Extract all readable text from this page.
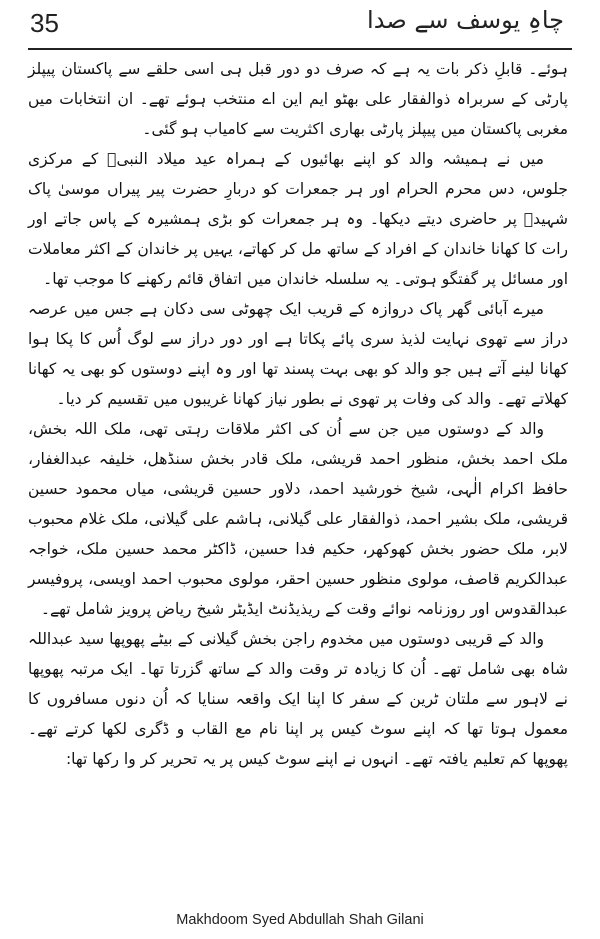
35	چاہِ یوسف سے صدا

ہوئے۔ قابلِ ذکر بات یہ ہے کہ صرف دو دور قبل ہی اسی حلقے سے پاکستان پیپلز پارٹی کے سربراہ ذوالفقار علی بھٹو ایم این اے منتخب ہوئے تھے۔ ان انتخابات میں مغربی پاکستان میں پیپلز پارٹی بھاری اکثریت سے کامیاب ہو گئی۔

میں نے ہمیشہ والد کو اپنے بھائیوں کے ہمراہ عید میلاد النبیؐ کے مرکزی جلوس، دس محرم الحرام اور ہر جمعرات کو دربارِ حضرت پیر پیراں موسیٰ پاک شہیدؒ پر حاضری دیتے دیکھا۔ وہ ہر جمعرات کو بڑی ہمشیرہ کے پاس جاتے اور رات کا کھانا خاندان کے افراد کے ساتھ مل کر کھاتے، یہیں پر خاندان کے اکثر معاملات اور مسائل پر گفتگو ہوتی۔ یہ سلسلہ خاندان میں اتفاق قائم رکھنے کا موجب تھا۔

میرے آبائی گھر پاک دروازہ کے قریب ایک چھوٹی سی دکان ہے جس میں عرصہ دراز سے تھوی نہایت لذیذ سری پائے پکاتا ہے اور دور دراز سے لوگ اُس کا پکا ہوا کھانا لینے آتے ہیں جو والد کو بھی بہت پسند تھا اور وہ اپنے دوستوں کو بھی یہ کھانا کھلاتے تھے۔ والد کی وفات پر تھوی نے بطور نیاز کھانا غریبوں میں تقسیم کر دیا۔

والد کے دوستوں میں جن سے اُن کی اکثر ملاقات رہتی تھی، ملک اللہ بخش، ملک احمد بخش، منظور احمد قریشی، ملک قادر بخش سنڈھل، خلیفہ عبدالغفار، حافظ اکرام الٰہی، شیخ خورشید احمد، دلاور حسین قریشی، میاں محمود حسین قریشی، ملک بشیر احمد، ذوالفقار علی گیلانی، ہاشم علی گیلانی، ملک غلام محبوب لابر، ملک حضور بخش کھوکھر، حکیم فدا حسین، ڈاکٹر محمد حسین ملک، خواجہ عبدالکریم قاصف، مولوی منظور حسین احقر، مولوی محبوب احمد اویسی، پروفیسر عبدالقدوس اور روزنامہ نوائے وقت کے ریذیڈنٹ ایڈیٹر شیخ ریاض پرویز شامل تھے۔

والد کے قریبی دوستوں میں مخدوم راجن بخش گیلانی کے بیٹے پھوپھا سید عبداللہ شاہ بھی شامل تھے۔ اُن کا زیادہ تر وقت والد کے ساتھ گزرتا تھا۔ ایک مرتبہ پھوپھا نے لاہور سے ملتان ٹرین کے سفر کا اپنا ایک واقعہ سنایا کہ اُن دنوں مسافروں کا معمول ہوتا تھا کہ اپنے سوٹ کیس پر اپنا نام مع القاب و ڈگری لکھا کرتے تھے۔ پھوپھا کم تعلیم یافتہ تھے۔ انہوں نے اپنے سوٹ کیس پر یہ تحریر کر وا رکھا تھا:

Makhdoom Syed Abdullah Shah Gilani
